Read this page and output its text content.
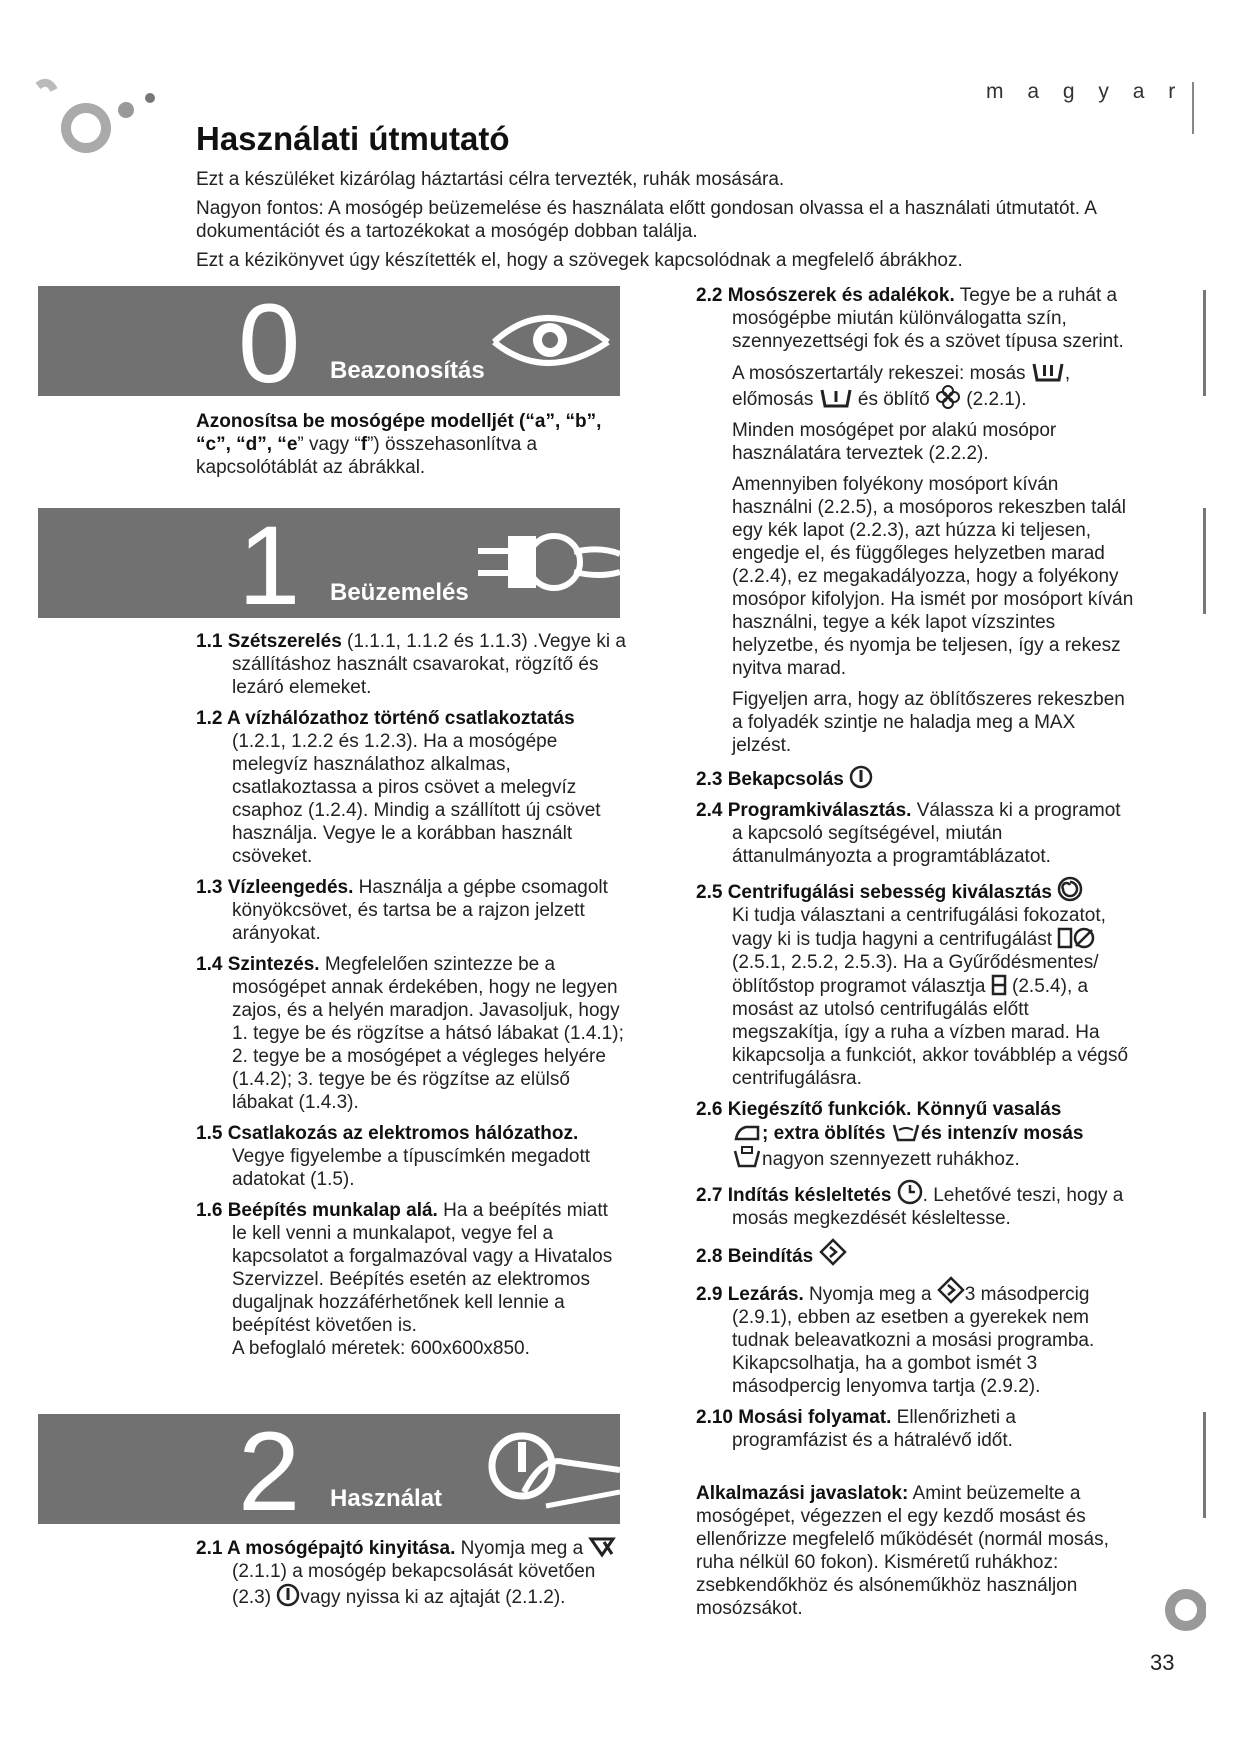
m a g y a r
Használati útmutató

Ezt a készüléket kizárólag háztartási célra tervezték, ruhák mosására.

Nagyon fontos: A mosógép beüzemelése és használata előtt gondosan olvassa el a használati útmutatót. A dokumentációt és a tartozékokat a mosógép dobban találja.

Ezt a kézikönyvet úgy készítették el, hogy a szövegek kapcsolódnak a megfelelő ábrákhoz.

0 Beazonosítás
1 Beüzemelés
2 Használat

Azonosítsa be mosógépe modelljét (“a”, “b”, “c”, “d”, “e” vagy “f”) összehasonlítva a kapcsolótáblát az ábrákkal.

1.1 Szétszerelés (1.1.1, 1.1.2 és 1.1.3) .Vegye ki a szállításhoz használt csavarokat, rögzítő és lezáró elemeket.

1.2 A vízhálózathoz történő csatlakoztatás (1.2.1, 1.2.2 és 1.2.3). Ha a mosógépe melegvíz használathoz alkalmas, csatlakoztassa a piros csövet a melegvíz csaphoz (1.2.4). Mindig a szállított új csövet használja. Vegye le a korábban használt csöveket.

1.3 Vízleengedés. Használja a gépbe csomagolt könyökcsövet, és tartsa be a rajzon jelzett arányokat.

1.4 Szintezés. Megfelelően szintezze be a mosógépet annak érdekében, hogy ne legyen zajos, és a helyén maradjon. Javasoljuk, hogy 1. tegye be és rögzítse a hátsó lábakat (1.4.1); 2. tegye be a mosógépet a végleges helyére (1.4.2); 3. tegye be és rögzítse az elülső lábakat (1.4.3).

1.5 Csatlakozás az elektromos hálózathoz. Vegye figyelembe a típuscímkén megadott adatokat (1.5).

1.6 Beépítés munkalap alá. Ha a beépítés miatt le kell venni a munkalapot, vegye fel a kapcsolatot a forgalmazóval vagy a Hivatalos Szervizzel. Beépítés esetén az elektromos dugaljnak hozzáférhetőnek kell lennie a beépítést követően is.

A befoglaló méretek: 600x600x850.

2.1 A mosógépajtó kinyitása. Nyomja meg a  (2.1.1) a mosógép bekapcsolását követően (2.3) vagy nyissa ki az ajtaját (2.1.2).

2.2 Mosószerek és adalékok. Tegye be a ruhát a mosógépbe miután különválogatta szín, szennyezettségi fok és a szövet típusa szerint.

A mosószertartály rekeszei: mosás , előmosás  és öblítő  (2.2.1).

Minden mosógépet por alakú mosópor használatára terveztek (2.2.2).

Amennyiben folyékony mosóport kíván használni (2.2.5), a mosóporos rekeszben talál egy kék lapot (2.2.3), azt húzza ki teljesen, engedje el, és függőleges helyzetben marad (2.2.4), ez megakadályozza, hogy a folyékony mosópor kifolyjon. Ha ismét por mosóport kíván használni, tegye a kék lapot vízszintes helyzetbe, és nyomja be teljesen, így a rekesz nyitva marad.

Figyeljen arra, hogy az öblítőszeres rekeszben a folyadék szintje ne haladja meg a MAX jelzést.

2.3 Bekapcsolás

2.4 Programkiválasztás. Válassza ki a programot a kapcsoló segítségével, miután áttanulmányozta a programtáblázatot.

2.5 Centrifugálási sebesség kiválasztás

Ki tudja választani a centrifugálási fokozatot, vagy ki is tudja hagyni a centrifugálást (2.5.1, 2.5.2, 2.5.3). Ha a Gyűrődésmentes/öblítőstop programot választja  (2.5.4), a mosást az utolsó centrifugálás előtt megszakítja, így a ruha a vízben marad. Ha kikapcsolja a funkciót, akkor továbblép a végső centrifugálásra.

2.6 Kiegészítő funkciók. Könnyű vasalás

; extra öblítés és intenzív mosás

nagyon szennyezett ruhákhoz.

2.7 Indítás késleltetés . Lehetővé teszi, hogy a mosás megkezdését késleltesse.

2.8 Beindítás

2.9 Lezárás. Nyomja meg a 3 másodpercig (2.9.1), ebben az esetben a gyerekek nem tudnak beleavatkozni a mosási programba. Kikapcsolhatja, ha a gombot ismét 3 másodpercig lenyomva tartja (2.9.2).

2.10 Mosási folyamat. Ellenőrizheti a programfázist és a hátralévő időt.

Alkalmazási javaslatok: Amint beüzemelte a mosógépet, végezzen el egy kezdő mosást és ellenőrizze megfelelő működését (normál mosás, ruha nélkül 60 fokon). Kisméretű ruhákhoz: zsebkendőkhöz és alsóneműkhöz használjon mosózsákot.

33
